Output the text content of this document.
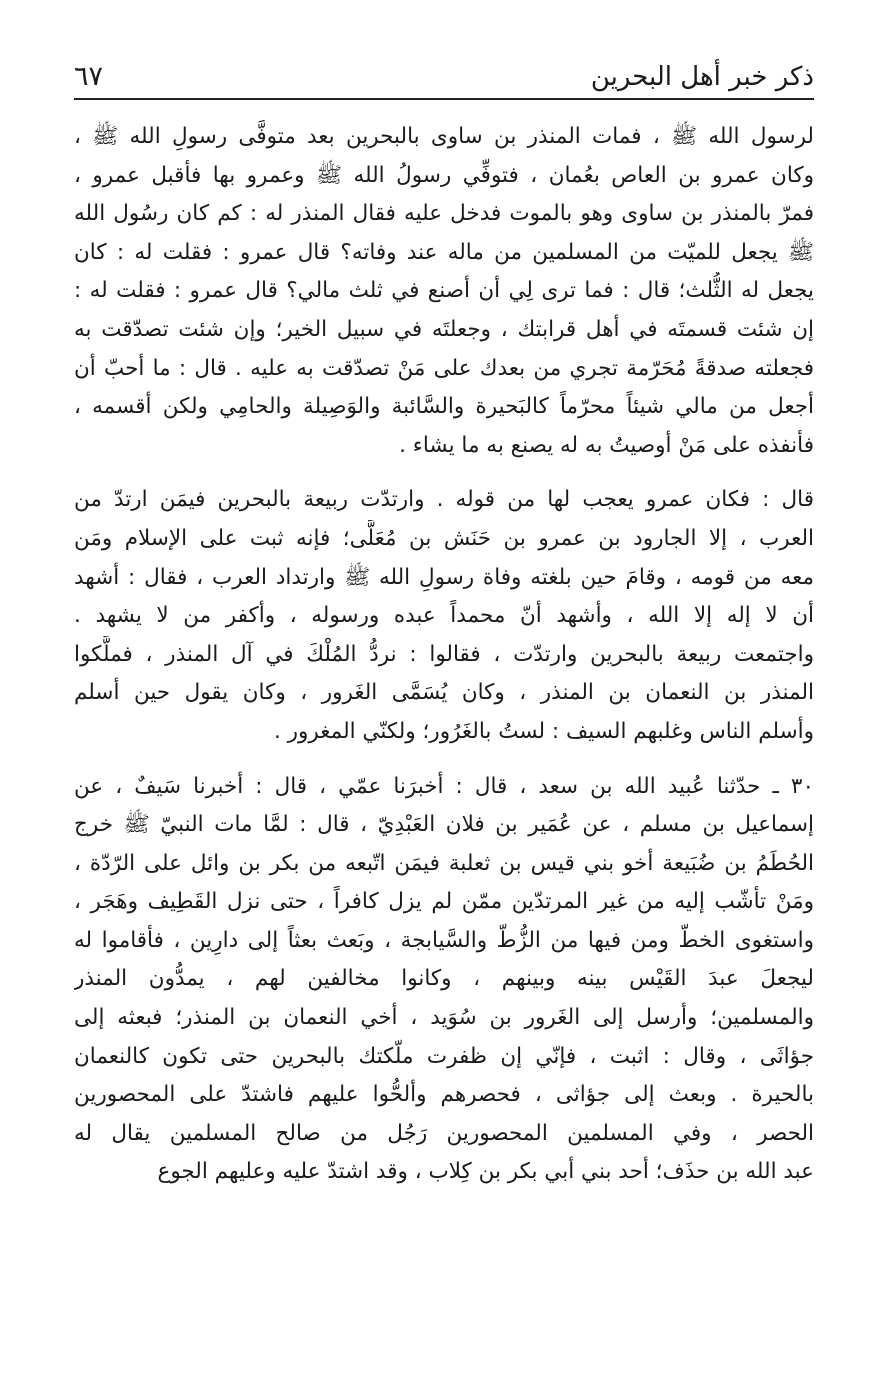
ذكر خبر أهل البحرين
٦٧
لرسول الله ﷺ ، فمات المنذر بن ساوى بالبحرين بعد متوفَّى رسولِ الله ﷺ ،
وكان عمرو بن العاص بعُمان ، فتوفِّي رسولُ الله ﷺ وعمرو بها فأقبل عمرو ،
فمرّ بالمنذر بن ساوى وهو بالموت فدخل عليه فقال المنذر له : كم كان رسُول الله
ﷺ يجعل للميّت من المسلمين من ماله عند وفاته؟ قال عمرو : فقلت له : كان
يجعل له الثُّلث؛ قال : فما ترى لِي أن أصنع في ثلث مالي؟ قال عمرو : فقلت له :
إن شئت قسمتَه في أهل قرابتك ، وجعلتَه في سبيل الخير؛ وإن شئت تصدّقت به
فجعلته صدقةً مُحَرّمة تجري من بعدك على مَنْ تصدّقت به عليه . قال : ما أحبّ أن
أجعل من مالي شيئاً محرّماً كالبَحيرة والسَّائبة والوَصِيلة والحامِي ولكن أقسمه ،
فأنفذه على مَنْ أوصيتُ به له يصنع به ما يشاء .
قال : فكان عمرو يعجب لها من قوله . وارتدّت ربيعة بالبحرين فيمَن ارتدّ من
العرب ، إلا الجارود بن عمرو بن حَنَش بن مُعَلَّى؛ فإنه ثبت على الإسلام ومَن
معه من قومه ، وقامَ حين بلغته وفاة رسولِ الله ﷺ وارتداد العرب ، فقال : أشهد
أن لا إله إلا الله ، وأشهد أنّ محمداً عبده ورسوله ، وأكفر من لا يشهد .
واجتمعت ربيعة بالبحرين وارتدّت ، فقالوا : نردُّ المُلْكَ في آل المنذر ، فملَّكوا
المنذر بن النعمان بن المنذر ، وكان يُسَمَّى الغَرور ، وكان يقول حين أسلم
وأسلم الناس وغلبهم السيف : لستُ بالغَرُور؛ ولكنّي المغرور .
٣٠ ـ حدّثنا عُبيد الله بن سعد ، قال : أخبرَنا عمّي ، قال : أخبرنا سَيفٌ ، عن
إسماعيل بن مسلم ، عن عُمَير بن فلان العَبْدِيّ ، قال : لمَّا مات النبيّ ﷺ خرج
الحُطَمُ بن ضُبَيعة أخو بني قيس بن ثعلبة فيمَن اتّبعه من بكر بن وائل على الرّدّة ،
ومَنْ تأشّب إليه من غير المرتدّين ممّن لم يزل كافراً ، حتى نزل القَطِيف وهَجَر ،
واستغوى الخطّ ومن فيها من الزُّطّ والسَّيابجة ، وبَعث بعثاً إلى دارِين ، فأقاموا له
ليجعلَ عبدَ القَيْس بينه وبينهم ، وكانوا مخالفين لهم ، يمدُّون المنذر
والمسلمين؛ وأرسل إلى الغَرور بن سُوَيد ، أخي النعمان بن المنذر؛ فبعثه إلى
جؤاثَى ، وقال : اثبت ، فإنّي إن ظفرت ملّكتك بالبحرين حتى تكون كالنعمان
بالحيرة . وبعث إلى جؤاثى ، فحصرهم وألحُّوا عليهم فاشتدّ على المحصورين
الحصر ، وفي المسلمين المحصورين رَجُل من صالح المسلمين يقال له
عبد الله بن حذَف؛ أحد بني أبي بكر بن كِلاب ، وقد اشتدّ عليه وعليهم الجوع
